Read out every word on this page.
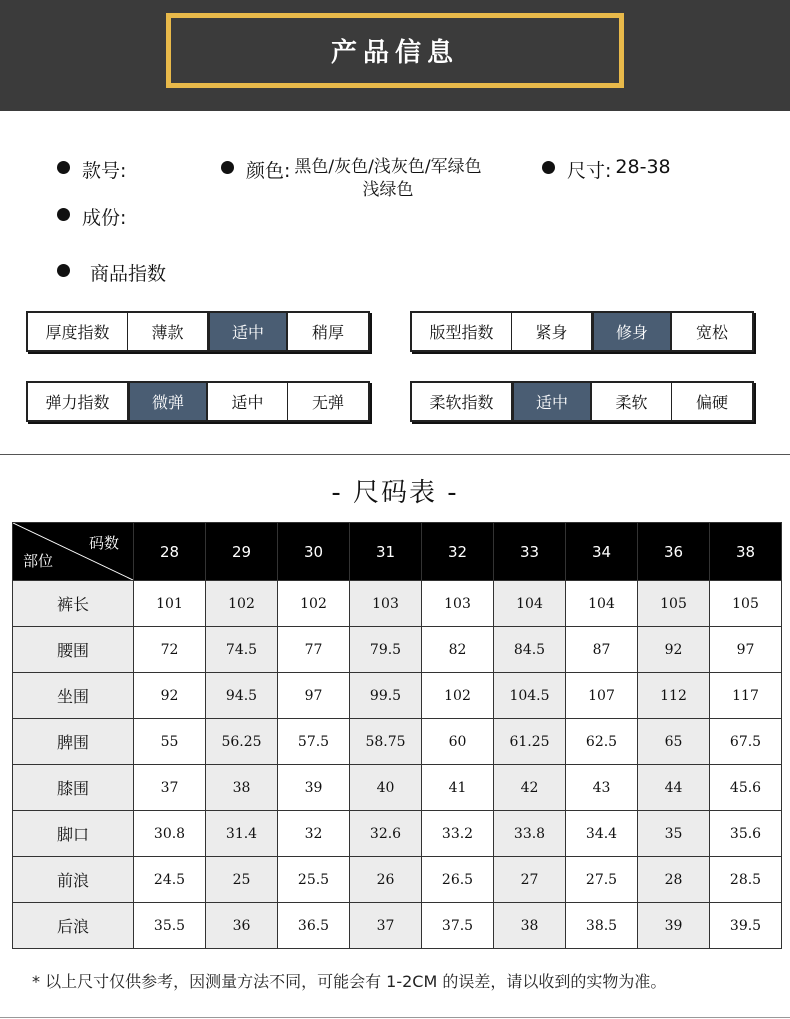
产品信息
款号:	颜色: 黑色/灰色/浅灰色/军绿色
浅绿色
尺寸: 28-38
成份:
商品指数
厚度指数	薄款	适中	稍厚	版型指数	紧身	修身	宽松
弹力指数	微弹	适中	无弹	柔软指数	适中	柔软	偏硬
- 尺码表 -
码数
部位	28	29	30	31	32	33	34	36	38
裤长	101	102	102	103	103	104	104	105	105
腰围	72	74.5	77	79.5	82	84.5	87	92	97
坐围	92	94.5	97	99.5	102	104.5	107	112	117
脾围	55	56.25	57.5	58.75	60	61.25	62.5	65	67.5
膝围	37	38	39	40	41	42	43	44	45.6
脚口	30.8	31.4	32	32.6	33.2	33.8	34.4	35	35.6
前浪	24.5	25	25.5	26	26.5	27	27.5	28	28.5
后浪	35.5	36	36.5	37	37.5	38	38.5	39	39.5
* 以上尺寸仅供参考，因测量方法不同，可能会有 1-2CM 的误差，请以收到的实物为准。
